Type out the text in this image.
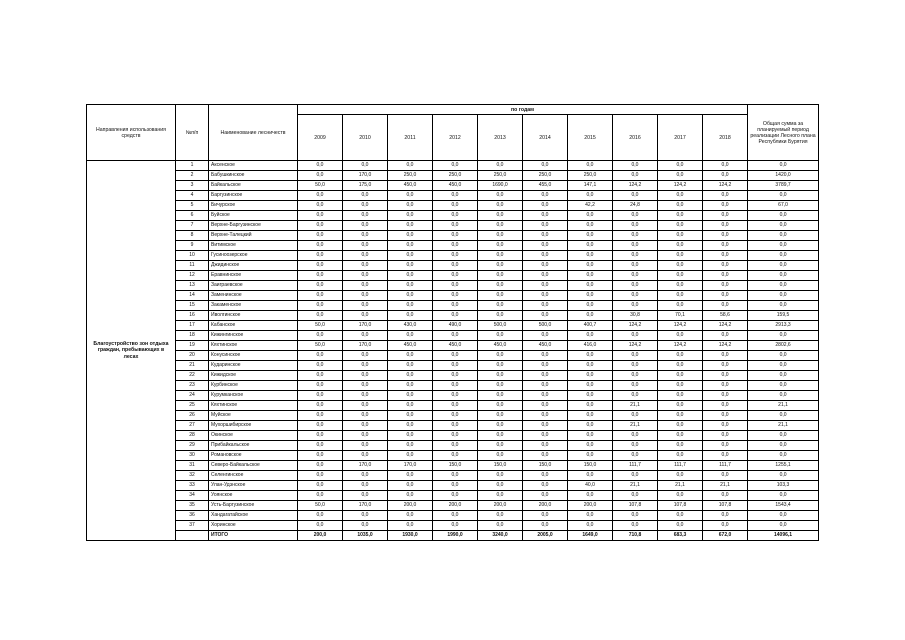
Направления использования средств	№п/п	Наименование лесничеств	по годам										Общая сумма за планируемый период реализации Лесного плана Республики Бурятия
			2009	2010	2011	2012	2013	2014	2015	2016	2017	2018	
Благоустройство зон отдыха граждан, пребывающих в лесах	1	Аксенское	0,0	0,0	0,0	0,0	0,0	0,0	0,0	0,0	0,0	0,0	0,0
	2	Бабушкинское	0,0	170,0	250,0	250,0	250,0	250,0	250,0	0,0	0,0	0,0	1420,0
	3	Байкальское	50,0	175,0	450,0	450,0	1690,0	455,0	147,1	124,2	124,2	124,2	3789,7
	4	Баргузинское	0,0	0,0	0,0	0,0	0,0	0,0	0,0	0,0	0,0	0,0	0,0
	5	Бичурское	0,0	0,0	0,0	0,0	0,0	0,0	42,2	24,8	0,0	0,0	67,0
	6	Буйское	0,0	0,0	0,0	0,0	0,0	0,0	0,0	0,0	0,0	0,0	0,0
	7	Верхне-Баргузинское	0,0	0,0	0,0	0,0	0,0	0,0	0,0	0,0	0,0	0,0	0,0
	8	Верхне-Талецкий	0,0	0,0	0,0	0,0	0,0	0,0	0,0	0,0	0,0	0,0	0,0
	9	Витимское	0,0	0,0	0,0	0,0	0,0	0,0	0,0	0,0	0,0	0,0	0,0
	10	Гусиноозерское	0,0	0,0	0,0	0,0	0,0	0,0	0,0	0,0	0,0	0,0	0,0
	11	Джидинское	0,0	0,0	0,0	0,0	0,0	0,0	0,0	0,0	0,0	0,0	0,0
	12	Еравнинское	0,0	0,0	0,0	0,0	0,0	0,0	0,0	0,0	0,0	0,0	0,0
	13	Заиграевское	0,0	0,0	0,0	0,0	0,0	0,0	0,0	0,0	0,0	0,0	0,0
	14	Заменинское	0,0	0,0	0,0	0,0	0,0	0,0	0,0	0,0	0,0	0,0	0,0
	15	Закаменское	0,0	0,0	0,0	0,0	0,0	0,0	0,0	0,0	0,0	0,0	0,0
	16	Иволгинское	0,0	0,0	0,0	0,0	0,0	0,0	0,0	30,8	70,1	58,6	159,5
	17	Кабанское	50,0	170,0	430,0	490,0	500,0	500,0	400,7	124,2	124,2	124,2	2913,3
	18	Кижингинское	0,0	0,0	0,0	0,0	0,0	0,0	0,0	0,0	0,0	0,0	0,0
	19	Кяхтинское	50,0	170,0	450,0	450,0	450,0	450,0	416,0	124,2	124,2	124,2	2802,6
	20	Конусинское	0,0	0,0	0,0	0,0	0,0	0,0	0,0	0,0	0,0	0,0	0,0
	21	Кударинское	0,0	0,0	0,0	0,0	0,0	0,0	0,0	0,0	0,0	0,0	0,0
	22	Кижидское	0,0	0,0	0,0	0,0	0,0	0,0	0,0	0,0	0,0	0,0	0,0
	23	Курбинское	0,0	0,0	0,0	0,0	0,0	0,0	0,0	0,0	0,0	0,0	0,0
	24	Курумканское	0,0	0,0	0,0	0,0	0,0	0,0	0,0	0,0	0,0	0,0	0,0
	25	Кяхтинское	0,0	0,0	0,0	0,0	0,0	0,0	0,0	21,1	0,0	0,0	21,1
	26	Муйское	0,0	0,0	0,0	0,0	0,0	0,0	0,0	0,0	0,0	0,0	0,0
	27	Мухоршибирское	0,0	0,0	0,0	0,0	0,0	0,0	0,0	21,1	0,0	0,0	21,1
	28	Окинское	0,0	0,0	0,0	0,0	0,0	0,0	0,0	0,0	0,0	0,0	0,0
	29	Прибайкальское	0,0	0,0	0,0	0,0	0,0	0,0	0,0	0,0	0,0	0,0	0,0
	30	Романовское	0,0	0,0	0,0	0,0	0,0	0,0	0,0	0,0	0,0	0,0	0,0
	31	Северо-Байкальское	0,0	170,0	170,0	150,0	150,0	150,0	150,0	111,7	111,7	111,7	1255,1
	32	Селенгинское	0,0	0,0	0,0	0,0	0,0	0,0	0,0	0,0	0,0	0,0	0,0
	33	Улан-Удэнское	0,0	0,0	0,0	0,0	0,0	0,0	40,0	21,1	21,1	21,1	103,3
	34	Уоянское	0,0	0,0	0,0	0,0	0,0	0,0	0,0	0,0	0,0	0,0	0,0
	35	Усть-Баргузинское	50,0	170,0	200,0	200,0	200,0	200,0	200,0	107,8	107,8	107,8	1543,4
	36	Хандагатайское	0,0	0,0	0,0	0,0	0,0	0,0	0,0	0,0	0,0	0,0	0,0
	37	Хоринское	0,0	0,0	0,0	0,0	0,0	0,0	0,0	0,0	0,0	0,0	0,0
		ИТОГО	200,0	1035,0	1930,0	1990,0	3240,0	2005,0	1649,0	710,8	683,3	672,0	14096,1
